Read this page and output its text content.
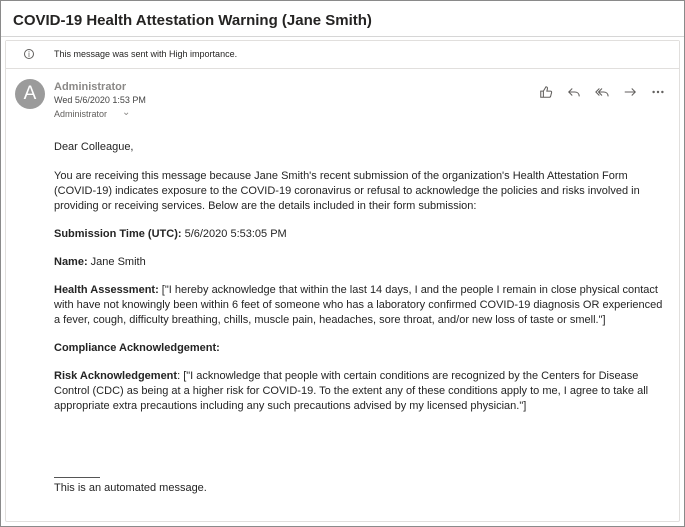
COVID-19 Health Attestation Warning (Jane Smith)
i	This message was sent with High importance.
A	Administrator
Wed 5/6/2020 1:53 PM
Administrator ⌄

Dear Colleague,

You are receiving this message because Jane Smith's recent submission of the organization's Health Attestation Form (COVID-19) indicates exposure to the COVID-19 coronavirus or refusal to acknowledge the policies and risks involved in providing or receiving services. Below are the details included in their form submission:

Submission Time (UTC): 5/6/2020 5:53:05 PM

Name: Jane Smith

Health Assessment: ["I hereby acknowledge that within the last 14 days, I and the people I remain in close physical contact with have not knowingly been within 6 feet of someone who has a laboratory confirmed COVID-19 diagnosis OR experienced a fever, cough, difficulty breathing, chills, muscle pain, headaches, sore throat, and/or new loss of taste or smell."]

Compliance Acknowledgement:

Risk Acknowledgement: ["I acknowledge that people with certain conditions are recognized by the Centers for Disease Control (CDC) as being at a higher risk for COVID-19. To the extent any of these conditions apply to me, I agree to take all appropriate extra precautions including any such precautions advised by my licensed physician."]

This is an automated message.
